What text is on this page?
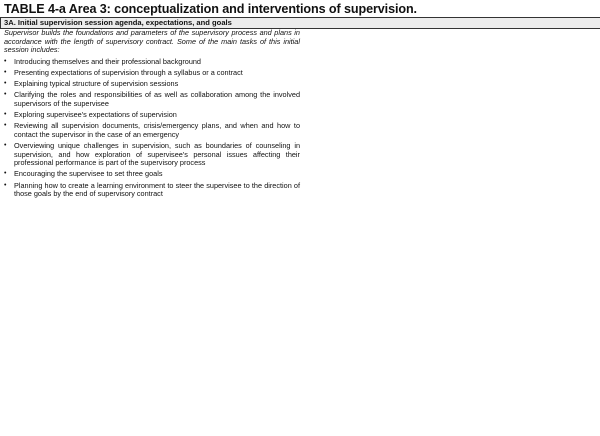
TABLE 4-a Area 3: conceptualization and interventions of supervision.
3A. Initial supervision session agenda, expectations, and goals

Supervisor builds the foundations and parameters of the supervisory process and plans in accordance with the length of supervisory contract. Some of the main tasks of this initial session includes:

• Introducing themselves and their professional background
• Presenting expectations of supervision through a syllabus or a contract
• Explaining typical structure of supervision sessions
• Clarifying the roles and responsibilities of as well as collaboration among the involved supervisors of the supervisee
• Exploring supervisee's expectations of supervision
• Reviewing all supervision documents, crisis/emergency plans, and when and how to contact the supervisor in the case of an emergency
• Overviewing unique challenges in supervision, such as boundaries of counseling in supervision, and how exploration of supervisee's personal issues affecting their professional performance is part of the supervisory process
• Encouraging the supervisee to set three goals
• Planning how to create a learning environment to steer the supervisee to the direction of those goals by the end of supervisory contract
